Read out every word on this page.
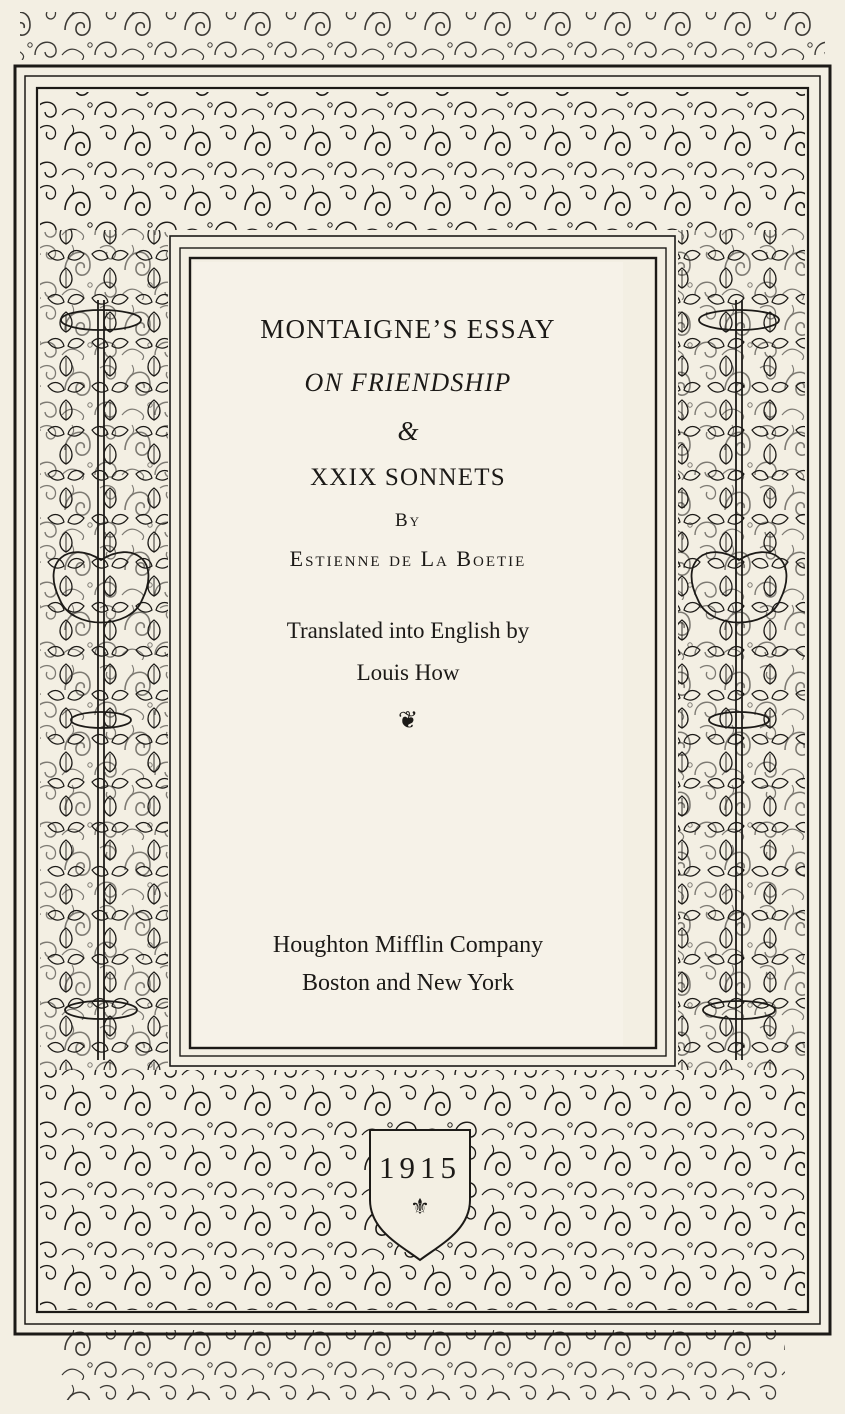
MONTAIGNE’S ESSAY
ON FRIENDSHIP
&
XXIX SONNETS
By
Estienne de La Boetie
Translated into English by
Louis How
❦
Houghton Mifflin Company
Boston and New York
1915
⚜
